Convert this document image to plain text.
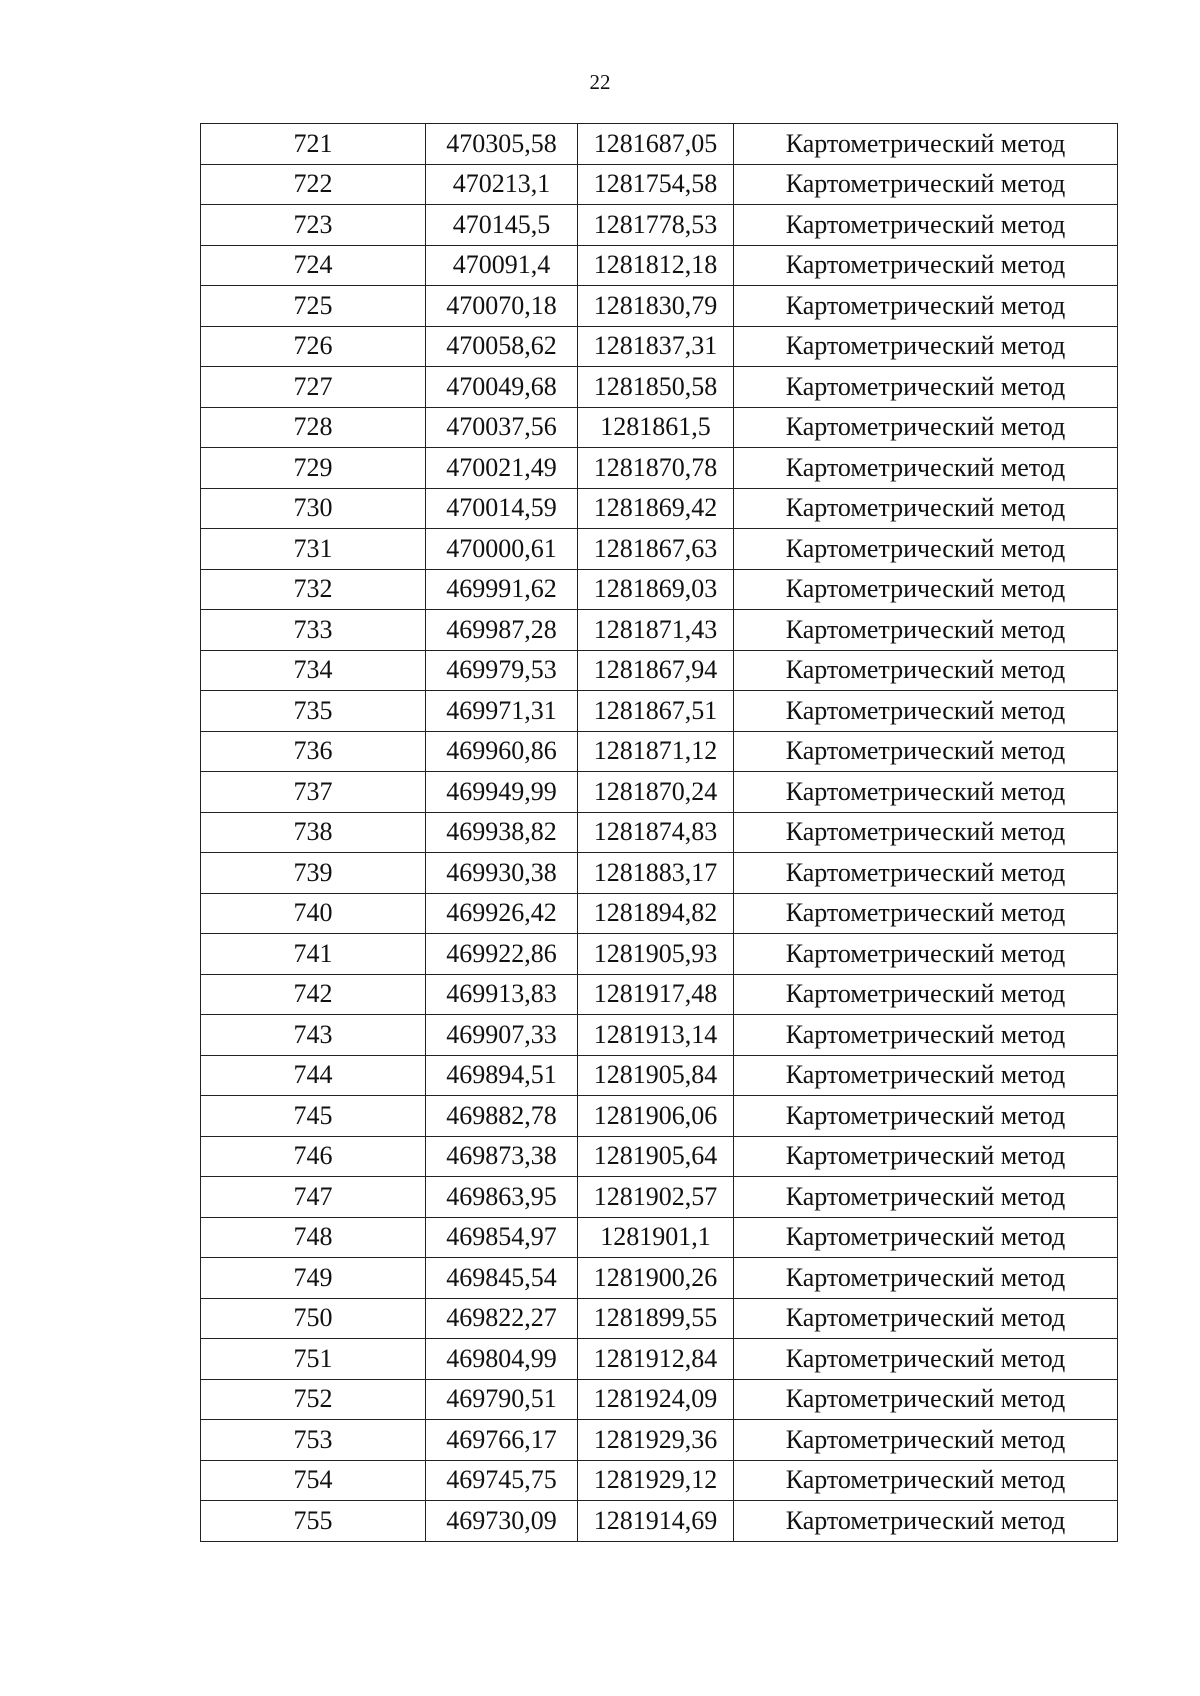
22
721	470305,58	1281687,05	Картометрический метод
722	470213,1	1281754,58	Картометрический метод
723	470145,5	1281778,53	Картометрический метод
724	470091,4	1281812,18	Картометрический метод
725	470070,18	1281830,79	Картометрический метод
726	470058,62	1281837,31	Картометрический метод
727	470049,68	1281850,58	Картометрический метод
728	470037,56	1281861,5	Картометрический метод
729	470021,49	1281870,78	Картометрический метод
730	470014,59	1281869,42	Картометрический метод
731	470000,61	1281867,63	Картометрический метод
732	469991,62	1281869,03	Картометрический метод
733	469987,28	1281871,43	Картометрический метод
734	469979,53	1281867,94	Картометрический метод
735	469971,31	1281867,51	Картометрический метод
736	469960,86	1281871,12	Картометрический метод
737	469949,99	1281870,24	Картометрический метод
738	469938,82	1281874,83	Картометрический метод
739	469930,38	1281883,17	Картометрический метод
740	469926,42	1281894,82	Картометрический метод
741	469922,86	1281905,93	Картометрический метод
742	469913,83	1281917,48	Картометрический метод
743	469907,33	1281913,14	Картометрический метод
744	469894,51	1281905,84	Картометрический метод
745	469882,78	1281906,06	Картометрический метод
746	469873,38	1281905,64	Картометрический метод
747	469863,95	1281902,57	Картометрический метод
748	469854,97	1281901,1	Картометрический метод
749	469845,54	1281900,26	Картометрический метод
750	469822,27	1281899,55	Картометрический метод
751	469804,99	1281912,84	Картометрический метод
752	469790,51	1281924,09	Картометрический метод
753	469766,17	1281929,36	Картометрический метод
754	469745,75	1281929,12	Картометрический метод
755	469730,09	1281914,69	Картометрический метод
